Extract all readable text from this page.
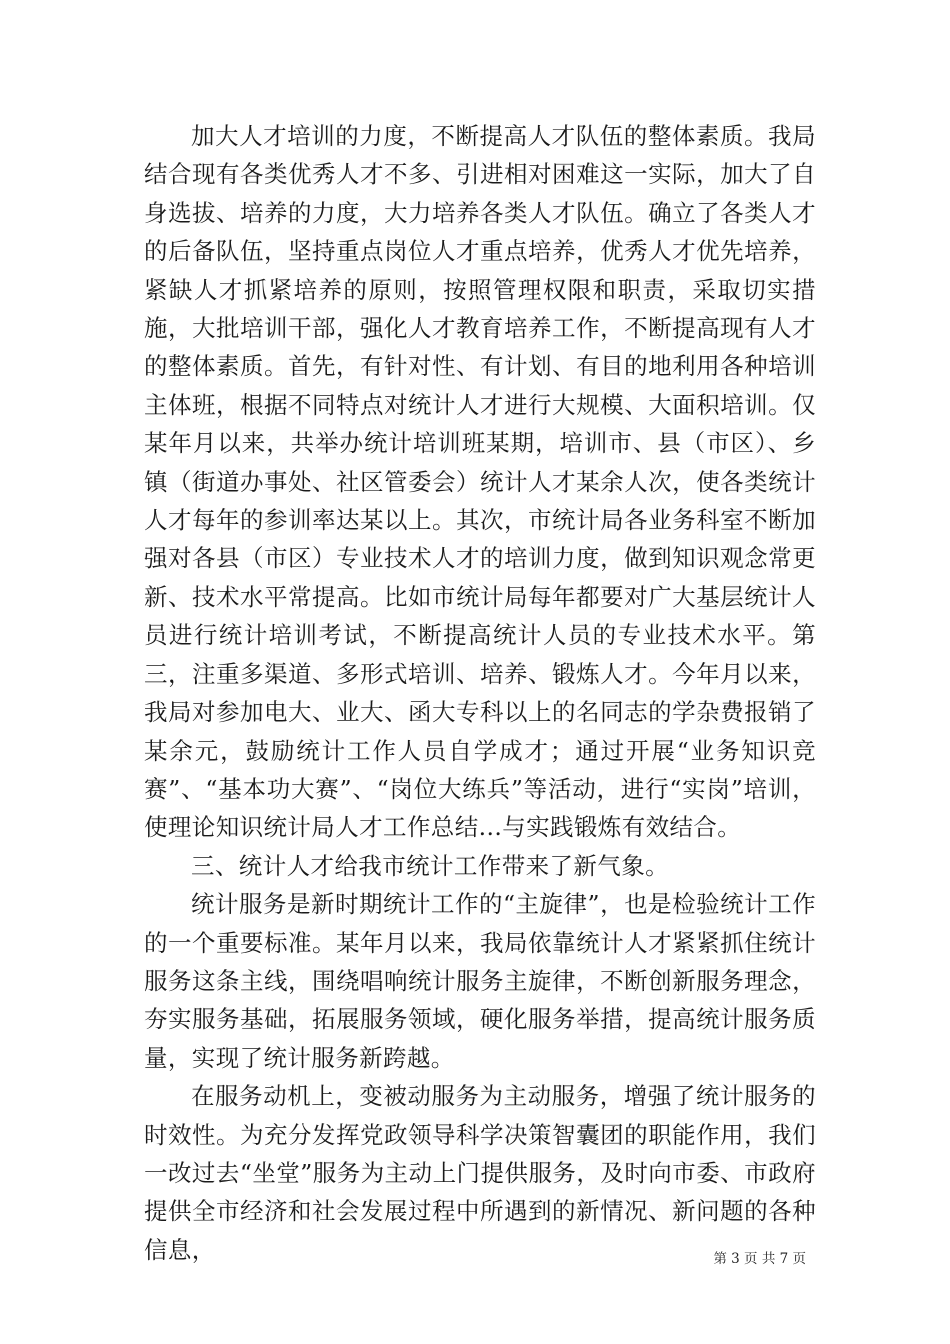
加大人才培训的力度，不断提高人才队伍的整体素质。我局结合现有各类优秀人才不多、引进相对困难这一实际，加大了自身选拔、培养的力度，大力培养各类人才队伍。确立了各类人才的后备队伍，坚持重点岗位人才重点培养，优秀人才优先培养，紧缺人才抓紧培养的原则，按照管理权限和职责，采取切实措施，大批培训干部，强化人才教育培养工作，不断提高现有人才的整体素质。首先，有针对性、有计划、有目的地利用各种培训主体班，根据不同特点对统计人才进行大规模、大面积培训。仅某年月以来，共举办统计培训班某期，培训市、县（市区）、乡镇（街道办事处、社区管委会）统计人才某余人次，使各类统计人才每年的参训率达某以上。其次，市统计局各业务科室不断加强对各县（市区）专业技术人才的培训力度，做到知识观念常更新、技术水平常提高。比如市统计局每年都要对广大基层统计人员进行统计培训考试，不断提高统计人员的专业技术水平。第三，注重多渠道、多形式培训、培养、锻炼人才。今年月以来，我局对参加电大、业大、函大专科以上的名同志的学杂费报销了某余元，鼓励统计工作人员自学成才；通过开展“业务知识竞赛”、“基本功大赛”、“岗位大练兵”等活动，进行“实岗”培训，使理论知识统计局人才工作总结...与实践锻炼有效结合。

三、统计人才给我市统计工作带来了新气象。

统计服务是新时期统计工作的“主旋律”，也是检验统计工作的一个重要标准。某年月以来，我局依靠统计人才紧紧抓住统计服务这条主线，围绕唱响统计服务主旋律，不断创新服务理念，夯实服务基础，拓展服务领域，硬化服务举措，提高统计服务质量，实现了统计服务新跨越。

在服务动机上，变被动服务为主动服务，增强了统计服务的时效性。为充分发挥党政领导科学决策智囊团的职能作用，我们一改过去“坐堂”服务为主动上门提供服务，及时向市委、市政府提供全市经济和社会发展过程中所遇到的新情况、新问题的各种信息，	第 3 页 共 7 页
